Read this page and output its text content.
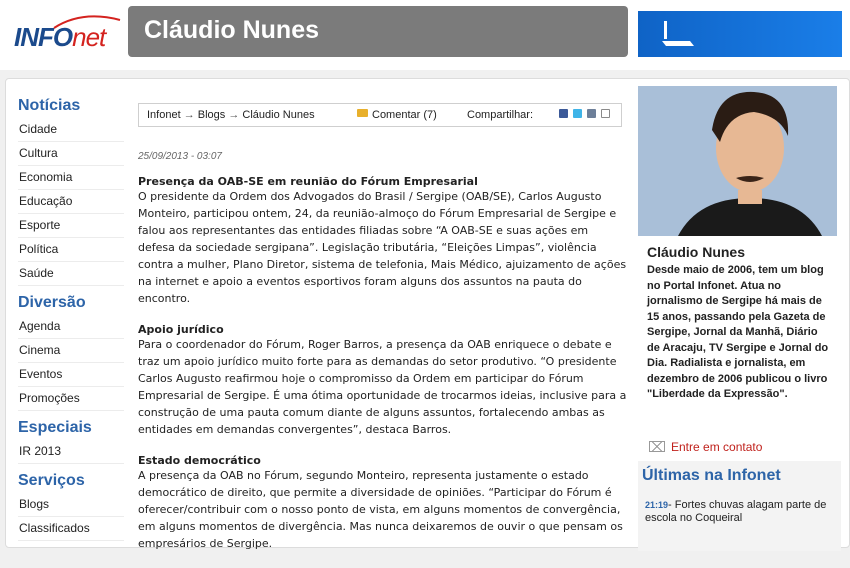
INFOnet Cláudio Nunes
Notícias
Cidade
Cultura
Economia
Educação
Esporte
Política
Saúde
Diversão
Agenda
Cinema
Eventos
Promoções
Especiais
IR 2013
Serviços
Blogs
Classificados
Infonet → Blogs → Cláudio Nunes	Comentar (7)	Compartilhar:
25/09/2013 - 03:07
Presença da OAB-SE em reunião do Fórum Empresarial

O presidente da Ordem dos Advogados do Brasil / Sergipe (OAB/SE), Carlos Augusto Monteiro, participou ontem, 24, da reunião-almoço do Fórum Empresarial de Sergipe e falou aos representantes das entidades filiadas sobre “A OAB-SE e suas ações em defesa da sociedade sergipana”. Legislação tributária, “Eleições Limpas”, violência contra a mulher, Plano Diretor, sistema de telefonia, Mais Médico, ajuizamento de ações na internet e apoio a eventos esportivos foram alguns dos assuntos na pauta do encontro.

Apoio jurídico

Para o coordenador do Fórum, Roger Barros, a presença da OAB enriquece o debate e traz um apoio jurídico muito forte para as demandas do setor produtivo. “O presidente Carlos Augusto reafirmou hoje o compromisso da Ordem em participar do Fórum Empresarial de Sergipe. É uma ótima oportunidade de trocarmos ideias, inclusive para a construção de uma pauta comum diante de alguns assuntos, fortalecendo ambas as entidades em demandas convergentes”, destaca Barros.

Estado democrático

A presença da OAB no Fórum, segundo Monteiro, representa justamente o estado democrático de direito, que permite a diversidade de opiniões. “Participar do Fórum é oferecer/contribuir com o nosso ponto de vista, em alguns momentos de convergência, em alguns momentos de divergência. Mas nunca deixaremos de ouvir o que pensam os empresários de Sergipe.

Cláudio Nunes
Desde maio de 2006, tem um blog no Portal Infonet. Atua no jornalismo de Sergipe há mais de 15 anos, passando pela Gazeta de Sergipe, Jornal da Manhã, Diário de Aracaju, TV Sergipe e Jornal do Dia. Radialista e jornalista, em dezembro de 2006 publicou o livro "Liberdade da Expressão".
Entre em contato
Últimas na Infonet
21:19- Fortes chuvas alagam parte de escola no Coqueiral
